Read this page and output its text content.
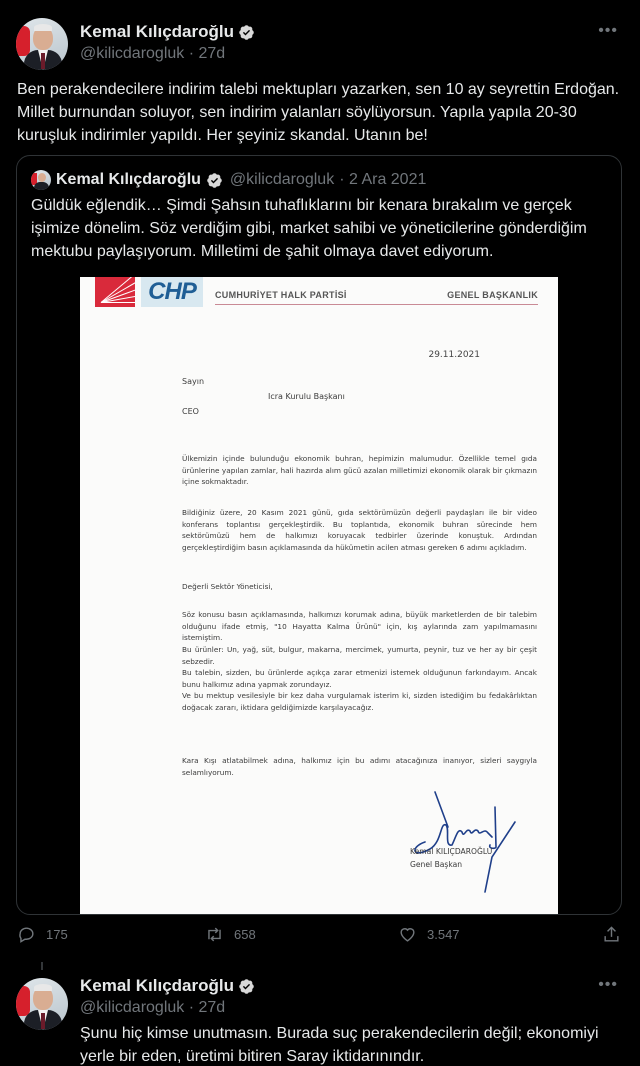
Kemal Kılıçdaroğlu
@kilicdarogluk · 27d
•••
Ben perakendecilere indirim talebi mektupları yazarken, sen 10 ay seyrettin Erdoğan. Millet burnundan soluyor, sen indirim yalanları söylüyorsun. Yapıla yapıla 20-30 kuruşluk indirimler yapıldı. Her şeyiniz skandal. Utanın be!
Kemal Kılıçdaroğlu @kilicdarogluk · 2 Ara 2021
Güldük eğlendik… Şimdi Şahsın tuhaflıklarını bir kenara bırakalım ve gerçek işimize dönelim. Söz verdiğim gibi, market sahibi ve yöneticilerine gönderdiğim mektubu paylaşıyorum. Milletimi de şahit olmaya davet ediyorum.
CHP	CUMHURİYET HALK PARTİSİ	GENEL BAŞKANLIK
29.11.2021
Sayın
Icra Kurulu Başkanı
CEO
Ülkemizin içinde bulunduğu ekonomik buhran, hepimizin malumudur. Özellikle temel gıda ürünlerine yapılan zamlar, hali hazırda alım gücü azalan milletimizi ekonomik olarak bir çıkmazın içine sokmaktadır.
Bildiğiniz üzere, 20 Kasım 2021 günü, gıda sektörümüzün değerli paydaşları ile bir video konferans toplantısı gerçekleştirdik. Bu toplantıda, ekonomik buhran sürecinde hem sektörümüzü hem de halkımızı koruyacak tedbirler üzerinde konuştuk. Ardından gerçekleştirdiğim basın açıklamasında da hükümetin acilen atması gereken 6 adımı açıkladım.
Değerli Sektör Yöneticisi,
Söz konusu basın açıklamasında, halkımızı korumak adına, büyük marketlerden de bir talebim olduğunu ifade etmiş, "10 Hayatta Kalma Ürünü" için, kış aylarında zam yapılmamasını istemiştim.
Bu ürünler: Un, yağ, süt, bulgur, makarna, mercimek, yumurta, peynir, tuz ve her ay bir çeşit sebzedir.
Bu talebin, sizden, bu ürünlerde açıkça zarar etmenizi istemek olduğunun farkındayım. Ancak bunu halkımız adına yapmak zorundayız.
Ve bu mektup vesilesiyle bir kez daha vurgulamak isterim ki, sizden istediğim bu fedakârlıktan doğacak zararı, iktidara geldiğimizde karşılayacağız.
Kara Kışı atlatabilmek adına, halkımız için bu adımı atacağınıza inanıyor, sizleri saygıyla selamlıyorum.
Kemal KILIÇDAROĞLU
Genel Başkan
175	658	3.547
Kemal Kılıçdaroğlu
@kilicdarogluk · 27d
•••
Şunu hiç kimse unutmasın. Burada suç perakendecilerin değil; ekonomiyi yerle bir eden, üretimi bitiren Saray iktidarınındır.
